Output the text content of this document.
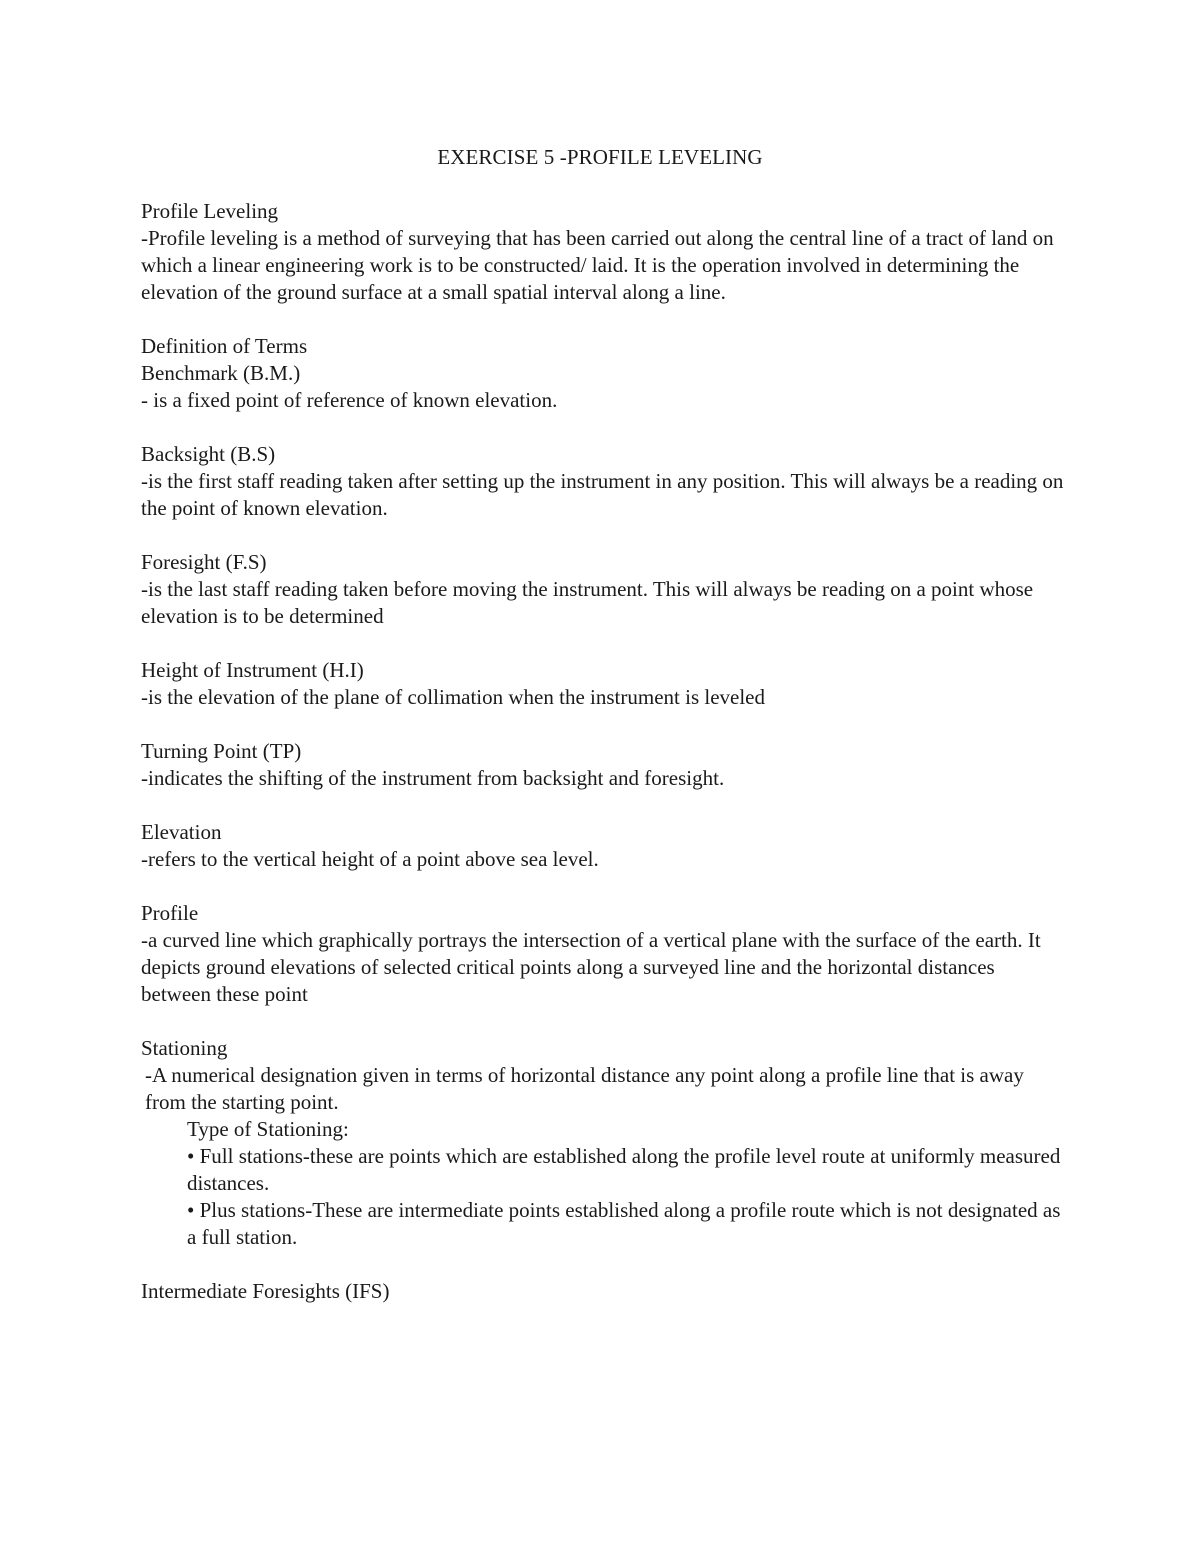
EXERCISE 5 -PROFILE LEVELING

Profile Leveling

-Profile leveling is a method of surveying that has been carried out along the central line of a tract of land on which a linear engineering work is to be constructed/ laid. It is the operation involved in determining the elevation of the ground surface at a small spatial interval along a line.

Definition of Terms

Benchmark (B.M.)

- is a fixed point of reference of known elevation.

Backsight (B.S)

-is the first staff reading taken after setting up the instrument in any position. This will always be a reading on the point of known elevation.

Foresight (F.S)

-is the last staff reading taken before moving the instrument. This will always be reading on a point whose elevation is to be determined

Height of Instrument (H.I)

-is the elevation of the plane of collimation when the instrument is leveled

Turning Point (TP)

-indicates the shifting of the instrument from backsight and foresight.

Elevation

-refers to the vertical height of a point above sea level.

Profile

-a curved line which graphically portrays the intersection of a vertical plane with the surface of the earth. It depicts ground elevations of selected critical points along a surveyed line and the horizontal distances between these point

Stationing

-A numerical designation given in terms of horizontal distance any point along a profile line that is away from the starting point.

Type of Stationing:

• Full stations-these are points which are established along the profile level route at uniformly measured distances.

• Plus stations-These are intermediate points established along a profile route which is not designated as a full station.

Intermediate Foresights (IFS)
